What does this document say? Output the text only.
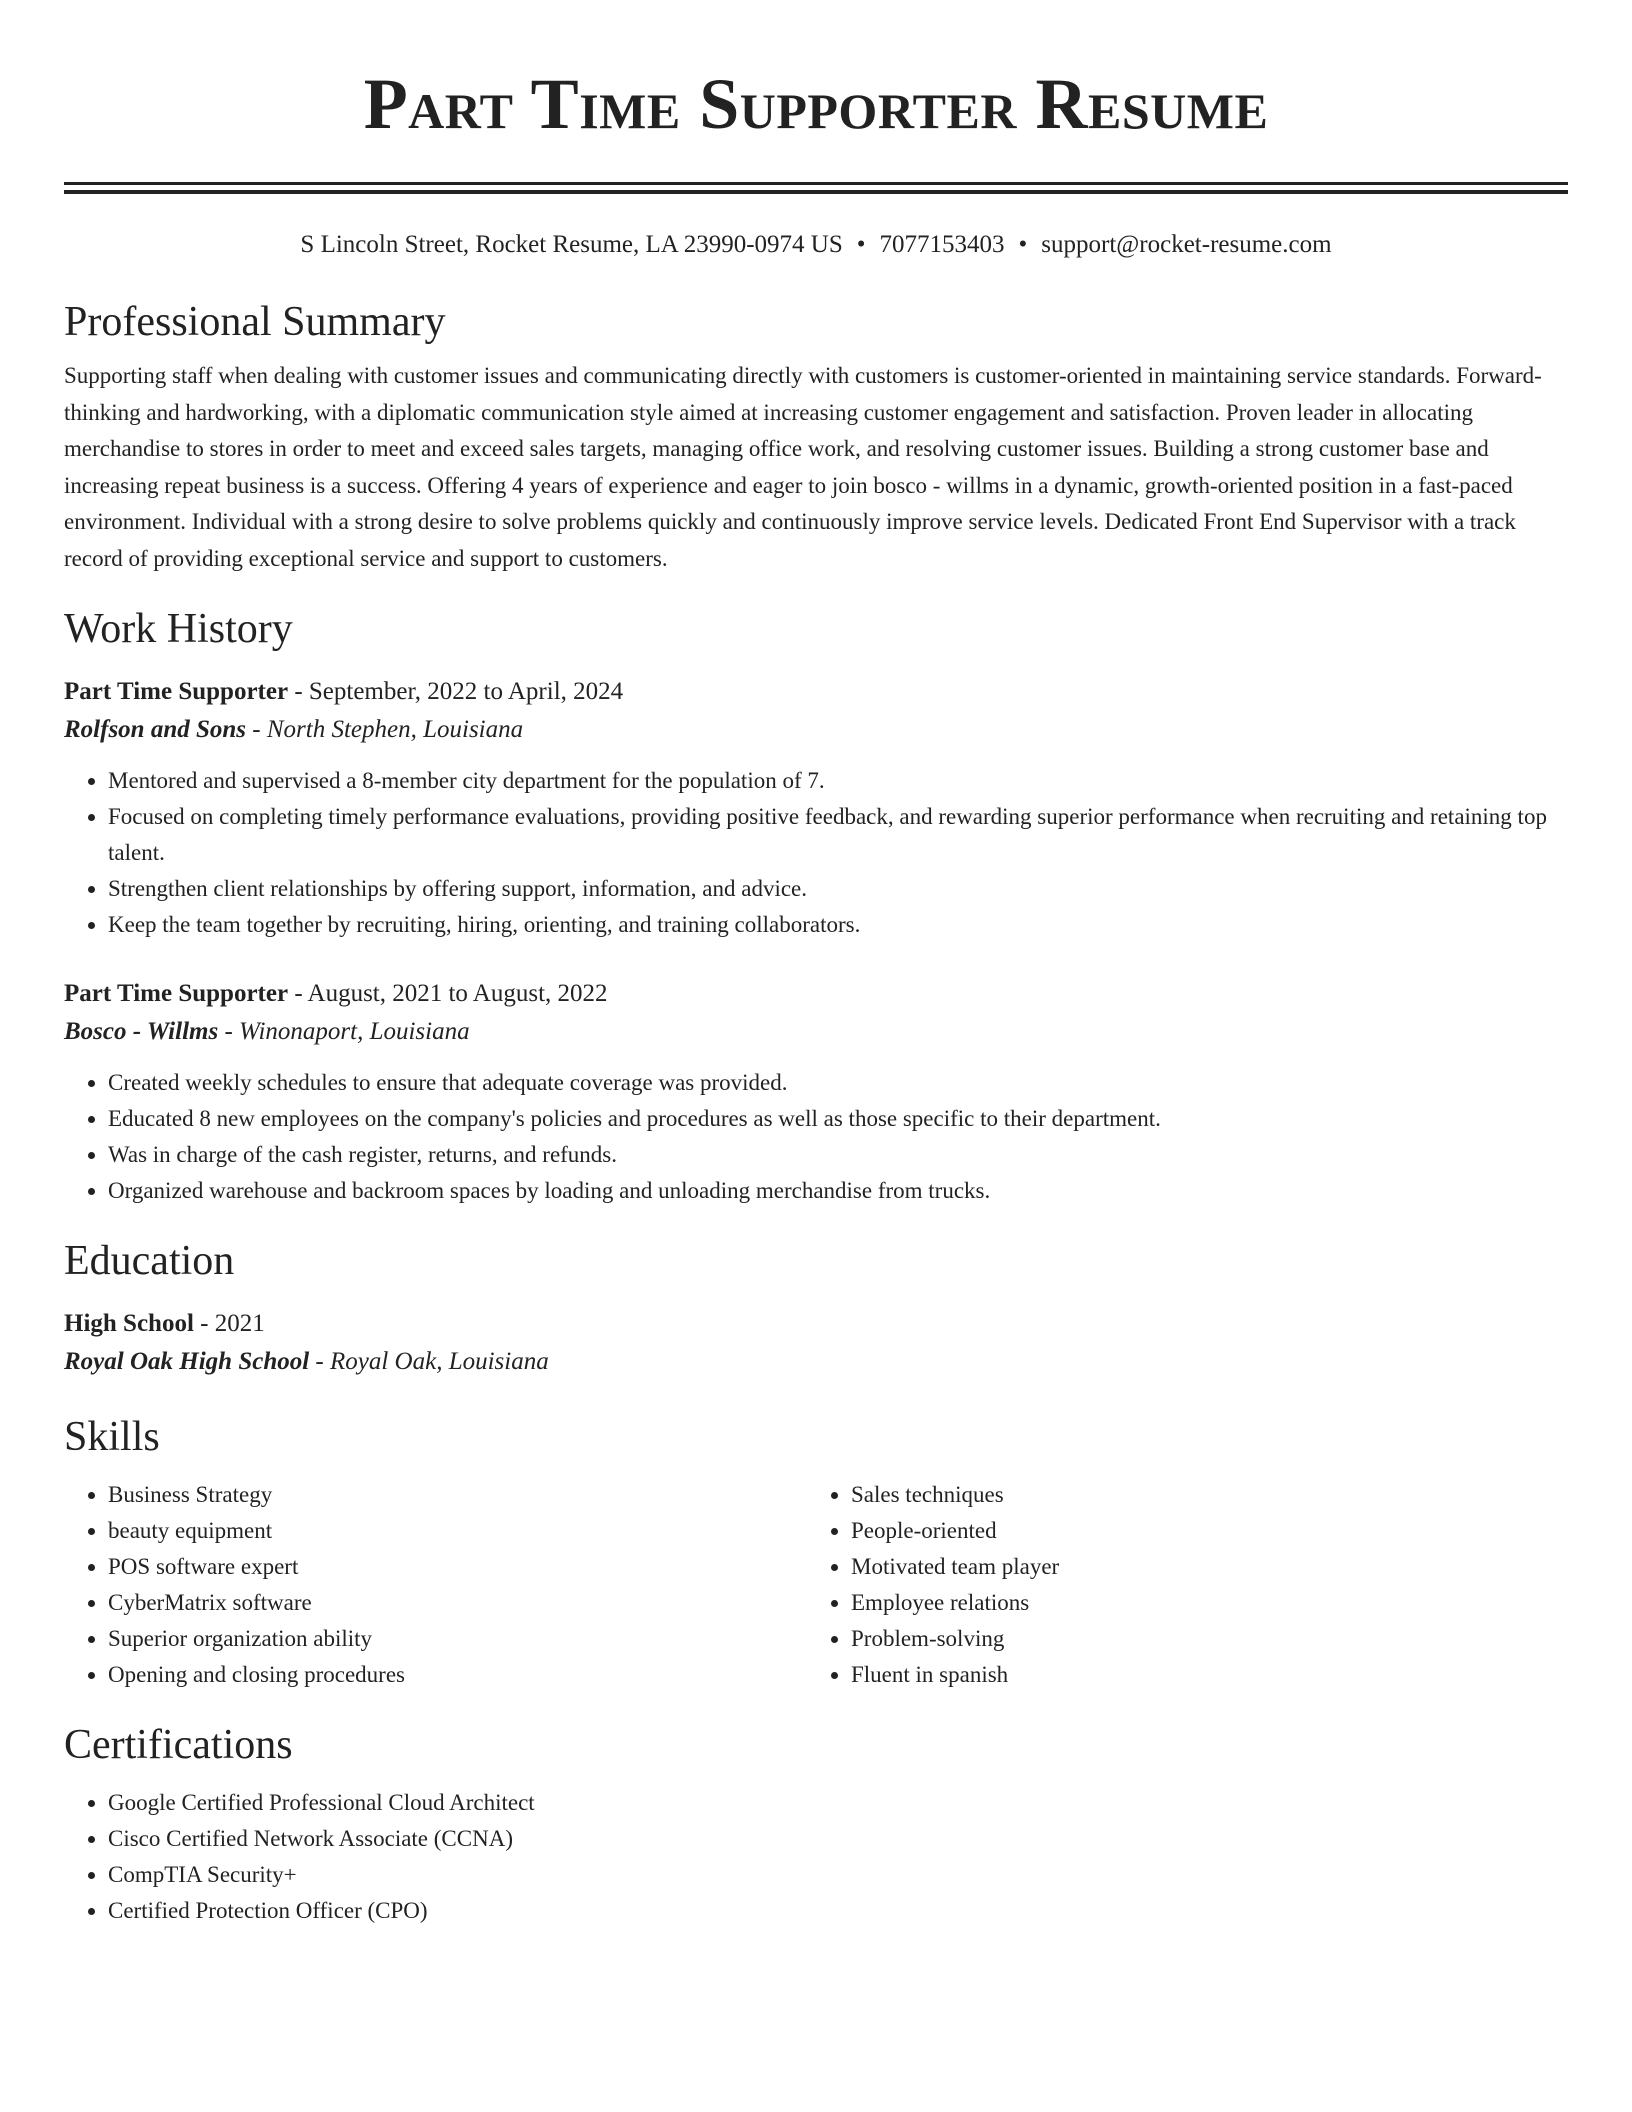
Part Time Supporter Resume
S Lincoln Street, Rocket Resume, LA 23990-0974 US • 7077153403 • support@rocket-resume.com
Professional Summary
Supporting staff when dealing with customer issues and communicating directly with customers is customer-oriented in maintaining service standards. Forward-thinking and hardworking, with a diplomatic communication style aimed at increasing customer engagement and satisfaction. Proven leader in allocating merchandise to stores in order to meet and exceed sales targets, managing office work, and resolving customer issues. Building a strong customer base and increasing repeat business is a success. Offering 4 years of experience and eager to join bosco - willms in a dynamic, growth-oriented position in a fast-paced environment. Individual with a strong desire to solve problems quickly and continuously improve service levels. Dedicated Front End Supervisor with a track record of providing exceptional service and support to customers.
Work History
Part Time Supporter - September, 2022 to April, 2024
Rolfson and Sons - North Stephen, Louisiana
• Mentored and supervised a 8-member city department for the population of 7.
• Focused on completing timely performance evaluations, providing positive feedback, and rewarding superior performance when recruiting and retaining top talent.
• Strengthen client relationships by offering support, information, and advice.
• Keep the team together by recruiting, hiring, orienting, and training collaborators.
Part Time Supporter - August, 2021 to August, 2022
Bosco - Willms - Winonaport, Louisiana
• Created weekly schedules to ensure that adequate coverage was provided.
• Educated 8 new employees on the company's policies and procedures as well as those specific to their department.
• Was in charge of the cash register, returns, and refunds.
• Organized warehouse and backroom spaces by loading and unloading merchandise from trucks.
Education
High School - 2021
Royal Oak High School - Royal Oak, Louisiana
Skills
• Business Strategy
• beauty equipment
• POS software expert
• CyberMatrix software
• Superior organization ability
• Opening and closing procedures
• Sales techniques
• People-oriented
• Motivated team player
• Employee relations
• Problem-solving
• Fluent in spanish
Certifications
• Google Certified Professional Cloud Architect
• Cisco Certified Network Associate (CCNA)
• CompTIA Security+
• Certified Protection Officer (CPO)
